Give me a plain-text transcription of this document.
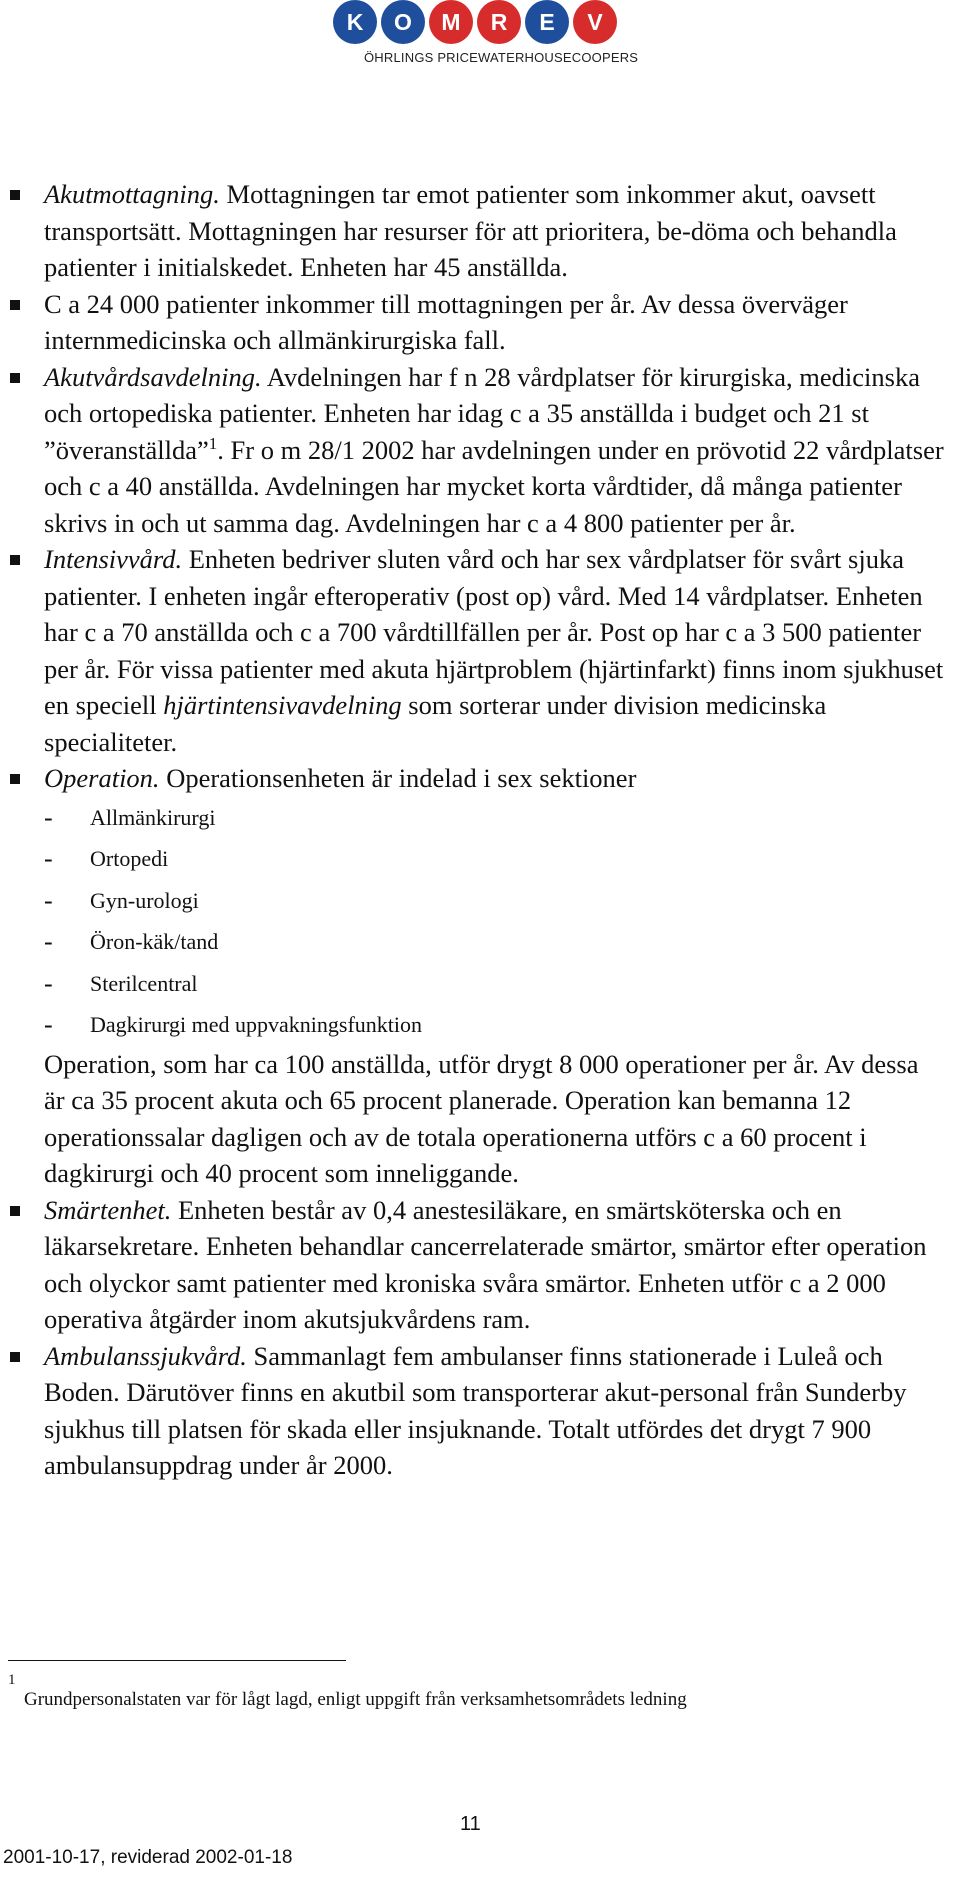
K	O	M	R	E	V
ÖHRLINGS PRICEWATERHOUSECOOPERS
Akutmottagning. Mottagningen tar emot patienter som inkommer akut, oavsett transportsätt. Mottagningen har resurser för att prioritera, be-döma och behandla patienter i initialskedet. Enheten har 45 anställda.
C a 24 000 patienter inkommer till mottagningen per år. Av dessa överväger internmedicinska och allmänkirurgiska fall.
Akutvårdsavdelning. Avdelningen har f n 28 vårdplatser för kirurgiska, medicinska och ortopediska patienter. Enheten har idag c a 35 anställda i budget och 21 st ”överanställda”$^1$. Fr o m 28/1 2002 har avdelningen under en prövotid 22 vårdplatser och c a 40 anställda. Avdelningen har mycket korta vårdtider, då många patienter skrivs in och ut samma dag. Avdelningen har c a 4 800 patienter per år.
Intensivvård. Enheten bedriver sluten vård och har sex vårdplatser för svårt sjuka patienter. I enheten ingår efteroperativ (post op) vård. Med 14 vårdplatser. Enheten har c a 70 anställda och c a 700 vårdtillfällen per år. Post op har c a 3 500 patienter per år. För vissa patienter med akuta hjärtproblem (hjärtinfarkt) finns inom sjukhuset en speciell hjärtintensivavdelning som sorterar under division medicinska specialiteter.
Operation. Operationsenheten är indelad i sex sektioner
- Allmänkirurgi
- Ortopedi
- Gyn-urologi
- Öron-käk/tand
- Sterilcentral
- Dagkirurgi med uppvakningsfunktion
Operation, som har ca 100 anställda, utför drygt 8 000 operationer per år. Av dessa är ca 35 procent akuta och 65 procent planerade. Operation kan bemanna 12 operationssalar dagligen och av de totala operationerna utförs c a 60 procent i dagkirurgi och 40 procent som inneliggande.
Smärtenhet. Enheten består av 0,4 anestesiläkare, en smärtsköterska och en läkarsekretare. Enheten behandlar cancerrelaterade smärtor, smärtor efter operation och olyckor samt patienter med kroniska svåra smärtor. Enheten utför c a 2 000 operativa åtgärder inom akutsjukvårdens ram.
Ambulanssjukvård. Sammanlagt fem ambulanser finns stationerade i Luleå och Boden. Därutöver finns en akutbil som transporterar akut-personal från Sunderby sjukhus till platsen för skada eller insjuknande. Totalt utfördes det drygt 7 900 ambulansuppdrag under år 2000.
1
Grundpersonalstaten var för lågt lagd, enligt uppgift från verksamhetsområdets ledning
11
2001-10-17, reviderad 2002-01-18
